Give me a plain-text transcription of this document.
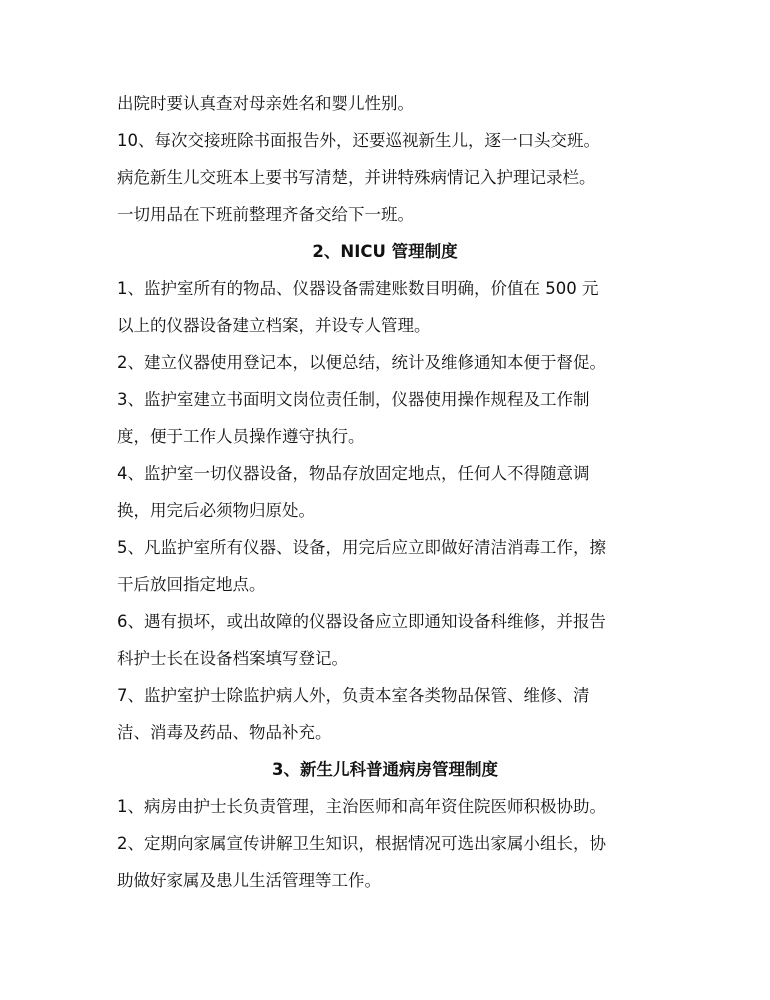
出院时要认真查对母亲姓名和婴儿性别。
10、每次交接班除书面报告外，还要巡视新生儿，逐一口头交班。
病危新生儿交班本上要书写清楚，并讲特殊病情记入护理记录栏。
一切用品在下班前整理齐备交给下一班。
2、NICU 管理制度
1、监护室所有的物品、仪器设备需建账数目明确，价值在 500 元
以上的仪器设备建立档案，并设专人管理。
2、建立仪器使用登记本，以便总结，统计及维修通知本便于督促。
3、监护室建立书面明文岗位责任制，仪器使用操作规程及工作制
度，便于工作人员操作遵守执行。
4、监护室一切仪器设备，物品存放固定地点，任何人不得随意调
换，用完后必须物归原处。
5、凡监护室所有仪器、设备，用完后应立即做好清洁消毒工作，擦
干后放回指定地点。
6、遇有损坏，或出故障的仪器设备应立即通知设备科维修，并报告
科护士长在设备档案填写登记。
7、监护室护士除监护病人外，负责本室各类物品保管、维修、清
洁、消毒及药品、物品补充。
3、新生儿科普通病房管理制度
1、病房由护士长负责管理，主治医师和高年资住院医师积极协助。
2、定期向家属宣传讲解卫生知识，根据情况可选出家属小组长，协
助做好家属及患儿生活管理等工作。
